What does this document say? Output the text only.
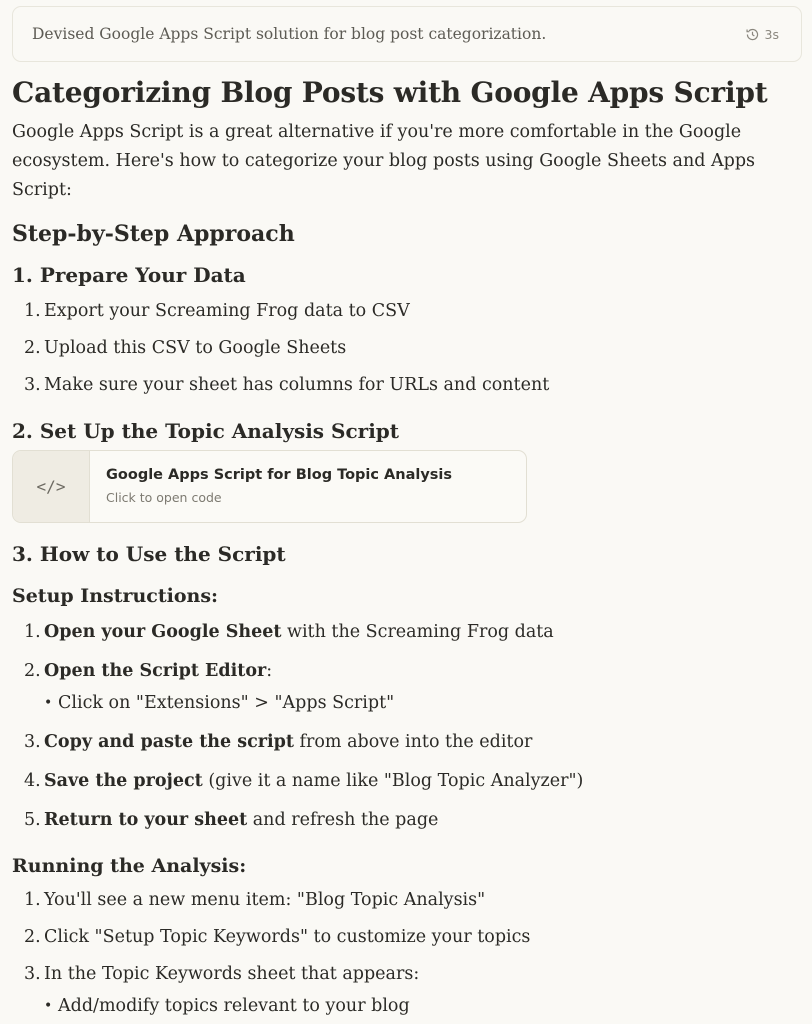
Devised Google Apps Script solution for blog post categorization.	3s
Categorizing Blog Posts with Google Apps Script

Google Apps Script is a great alternative if you're more comfortable in the Google ecosystem. Here's how to categorize your blog posts using Google Sheets and Apps Script:

Step-by-Step Approach
1. Prepare Your Data
1. Export your Screaming Frog data to CSV
2. Upload this CSV to Google Sheets
3. Make sure your sheet has columns for URLs and content
2. Set Up the Topic Analysis Script
</>
Google Apps Script for Blog Topic Analysis
Click to open code
3. How to Use the Script
Setup Instructions:
1. Open your Google Sheet with the Screaming Frog data
2. Open the Script Editor:
• Click on "Extensions" > "Apps Script"
3. Copy and paste the script from above into the editor
4. Save the project (give it a name like "Blog Topic Analyzer")
5. Return to your sheet and refresh the page
Running the Analysis:
1. You'll see a new menu item: "Blog Topic Analysis"
2. Click "Setup Topic Keywords" to customize your topics
3. In the Topic Keywords sheet that appears:
• Add/modify topics relevant to your blog
